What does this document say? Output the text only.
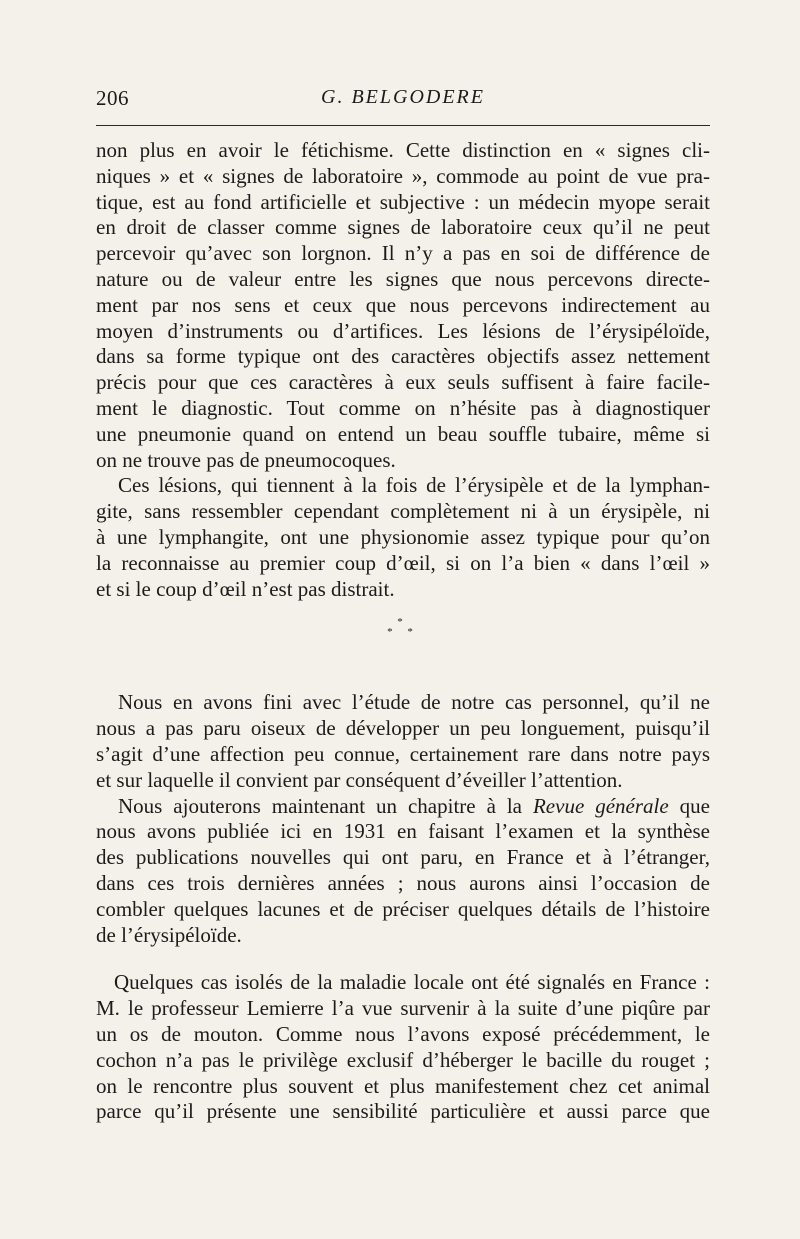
206	G. BELGODERE
non plus en avoir le fétichisme. Cette distinction en « signes cli-
niques » et « signes de laboratoire », commode au point de vue pra-
tique, est au fond artificielle et subjective : un médecin myope serait
en droit de classer comme signes de laboratoire ceux qu’il ne peut
percevoir qu’avec son lorgnon. Il n’y a pas en soi de différence de
nature ou de valeur entre les signes que nous percevons directe-
ment par nos sens et ceux que nous percevons indirectement au
moyen d’instruments ou d’artifices. Les lésions de l’érysipéloïde,
dans sa forme typique ont des caractères objectifs assez nettement
précis pour que ces caractères à eux seuls suffisent à faire facile-
ment le diagnostic. Tout comme on n’hésite pas à diagnostiquer
une pneumonie quand on entend un beau souffle tubaire, même si
on ne trouve pas de pneumocoques.
Ces lésions, qui tiennent à la fois de l’érysipèle et de la lymphan-
gite, sans ressembler cependant complètement ni à un érysipèle, ni
à une lymphangite, ont une physionomie assez typique pour qu’on
la reconnaisse au premier coup d’œil, si on l’a bien « dans l’œil »
et si le coup d’œil n’est pas distrait.
*
* *
Nous en avons fini avec l’étude de notre cas personnel, qu’il ne
nous a pas paru oiseux de développer un peu longuement, puisqu’il
s’agit d’une affection peu connue, certainement rare dans notre pays
et sur laquelle il convient par conséquent d’éveiller l’attention.
Nous ajouterons maintenant un chapitre à la Revue générale que
nous avons publiée ici en 1931 en faisant l’examen et la synthèse
des publications nouvelles qui ont paru, en France et à l’étranger,
dans ces trois dernières années ; nous aurons ainsi l’occasion de
combler quelques lacunes et de préciser quelques détails de l’histoire
de l’érysipéloïde.
Quelques cas isolés de la maladie locale ont été signalés en France :
M. le professeur Lemierre l’a vue survenir à la suite d’une piqûre par
un os de mouton. Comme nous l’avons exposé précédemment, le
cochon n’a pas le privilège exclusif d’héberger le bacille du rouget ;
on le rencontre plus souvent et plus manifestement chez cet animal
parce qu’il présente une sensibilité particulière et aussi parce que
